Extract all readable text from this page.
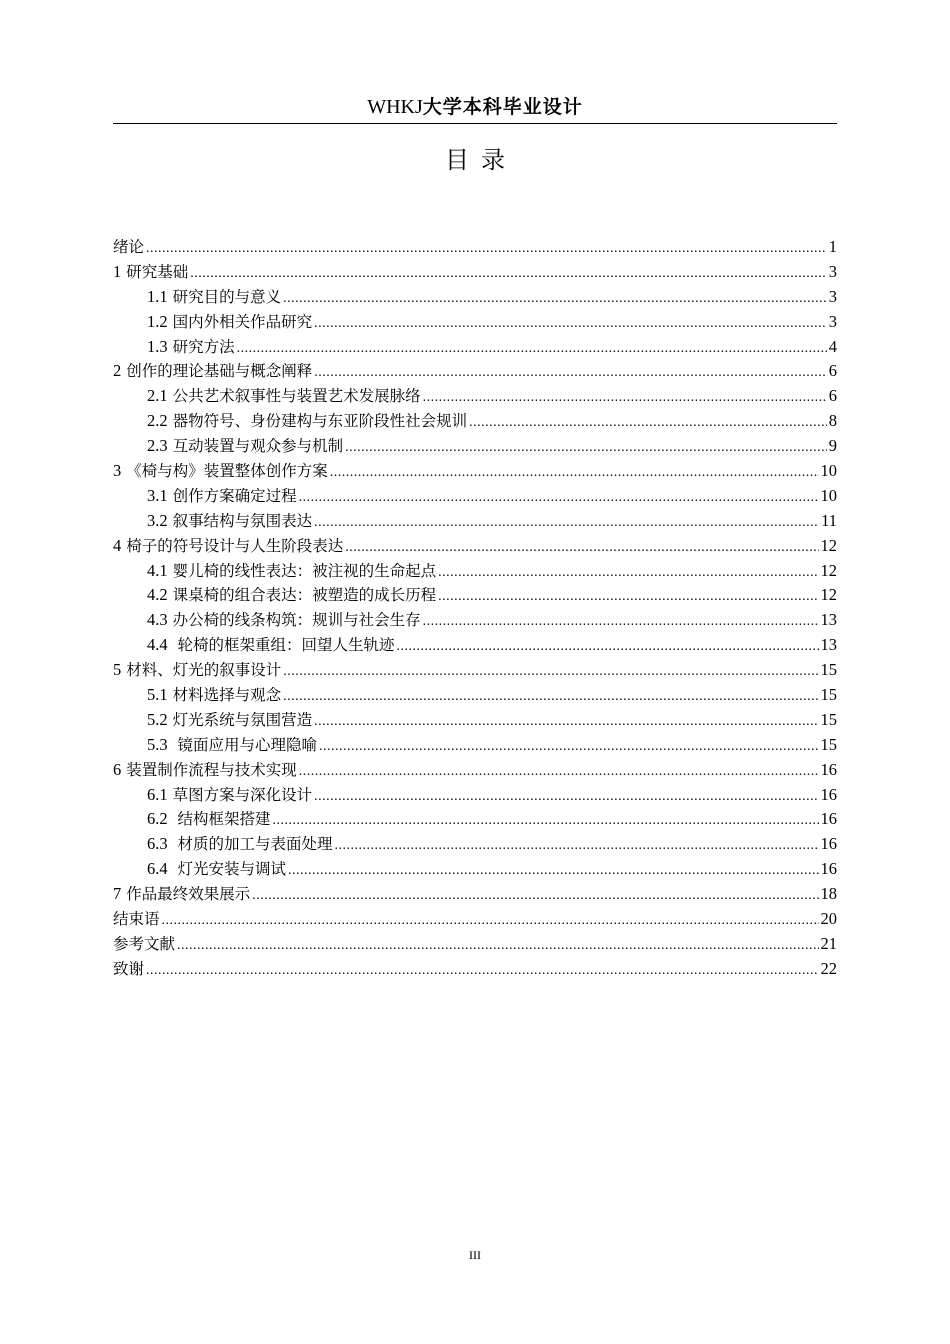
WHKJ大学本科毕业设计
目录
绪论 .....	1
1 研究基础 .....	3
1.1 研究目的与意义 .....	3
1.2 国内外相关作品研究 .....	3
1.3 研究方法 .....	4
2 创作的理论基础与概念阐释 .....	6
2.1 公共艺术叙事性与装置艺术发展脉络 .....	6
2.2 器物符号、身份建构与东亚阶段性社会规训 .....	8
2.3 互动装置与观众参与机制 .....	9
3 《椅与构》装置整体创作方案 .....	10
3.1 创作方案确定过程 .....	10
3.2 叙事结构与氛围表达 .....	11
4 椅子的符号设计与人生阶段表达 .....	12
4.1 婴儿椅的线性表达：被注视的生命起点 .....	12
4.2 课桌椅的组合表达：被塑造的成长历程 .....	12
4.3 办公椅的线条构筑：规训与社会生存 .....	13
4.4  轮椅的框架重组：回望人生轨迹 .....	13
5 材料、灯光的叙事设计 .....	15
5.1 材料选择与观念 .....	15
5.2 灯光系统与氛围营造 .....	15
5.3  镜面应用与心理隐喻 .....	15
6 装置制作流程与技术实现 .....	16
6.1 草图方案与深化设计 .....	16
6.2  结构框架搭建 .....	16
6.3  材质的加工与表面处理 .....	16
6.4  灯光安装与调试 .....	16
7 作品最终效果展示 .....	18
结束语 .....	20
参考文献 .....	21
致谢 .....	22
III
